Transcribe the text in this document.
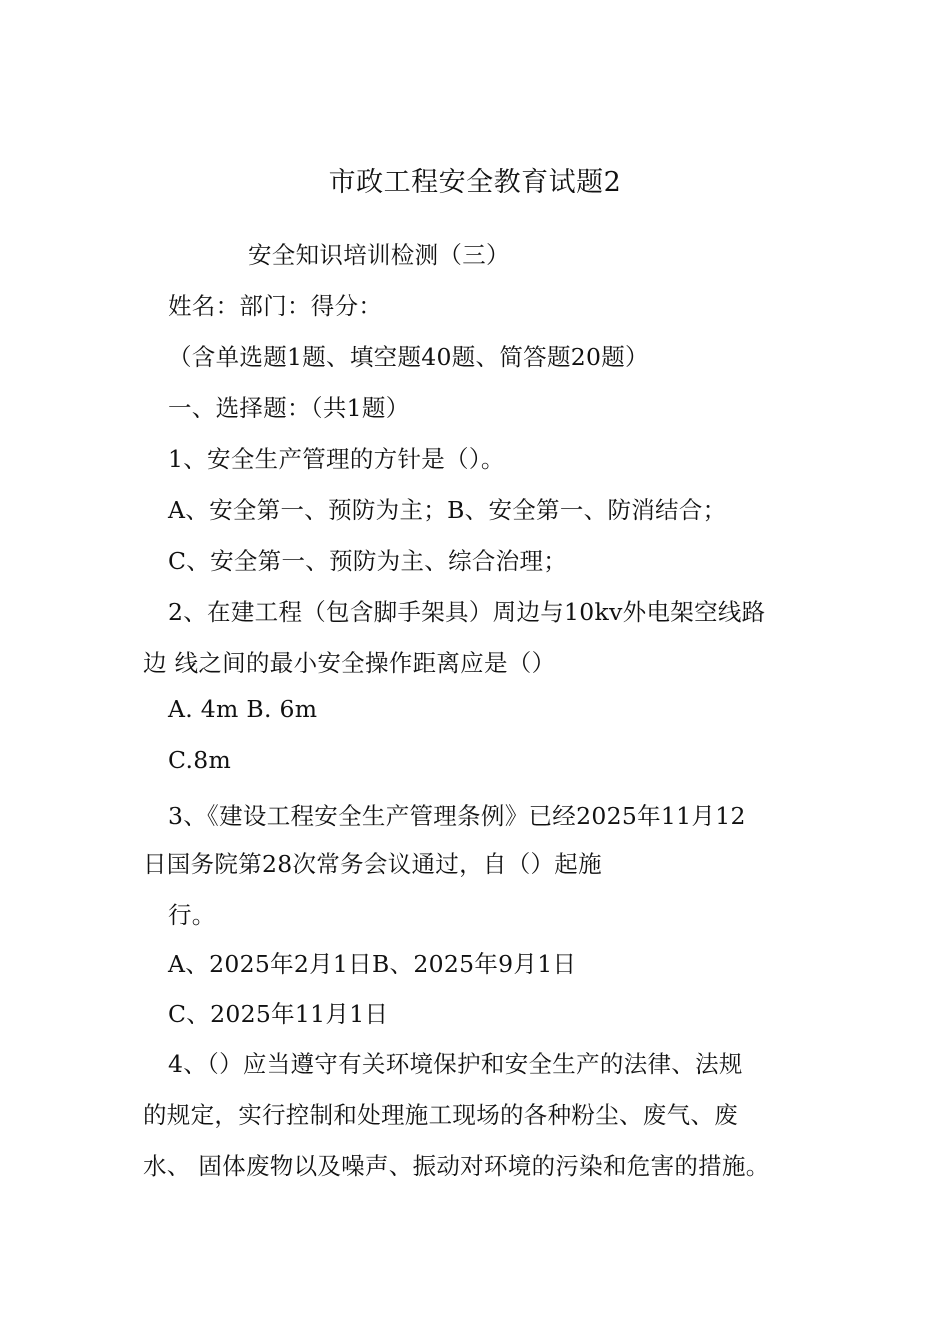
市政工程安全教育试题2
安全知识培训检测（三）
姓名：部门：得分：
（含单选题1题、填空题40题、简答题20题）
一、选择题：（共1题）
1、安全生产管理的方针是（）。
A、安全第一、预防为主；B、安全第一、防消结合；
C、安全第一、预防为主、综合治理；
2、在建工程（包含脚手架具）周边与10kv外电架空线路
边 线之间的最小安全操作距离应是（）
A. 4m B. 6m
C.8m
3、《建设工程安全生产管理条例》已经2025年11月12
日国务院第28次常务会议通过，自（）起施
行。
A、2025年2月1日B、2025年9月1日
C、2025年11月1日
4、（）应当遵守有关环境保护和安全生产的法律、法规
的规定，实行控制和处理施工现场的各种粉尘、废气、废
水、 固体废物以及噪声、振动对环境的污染和危害的措施。
